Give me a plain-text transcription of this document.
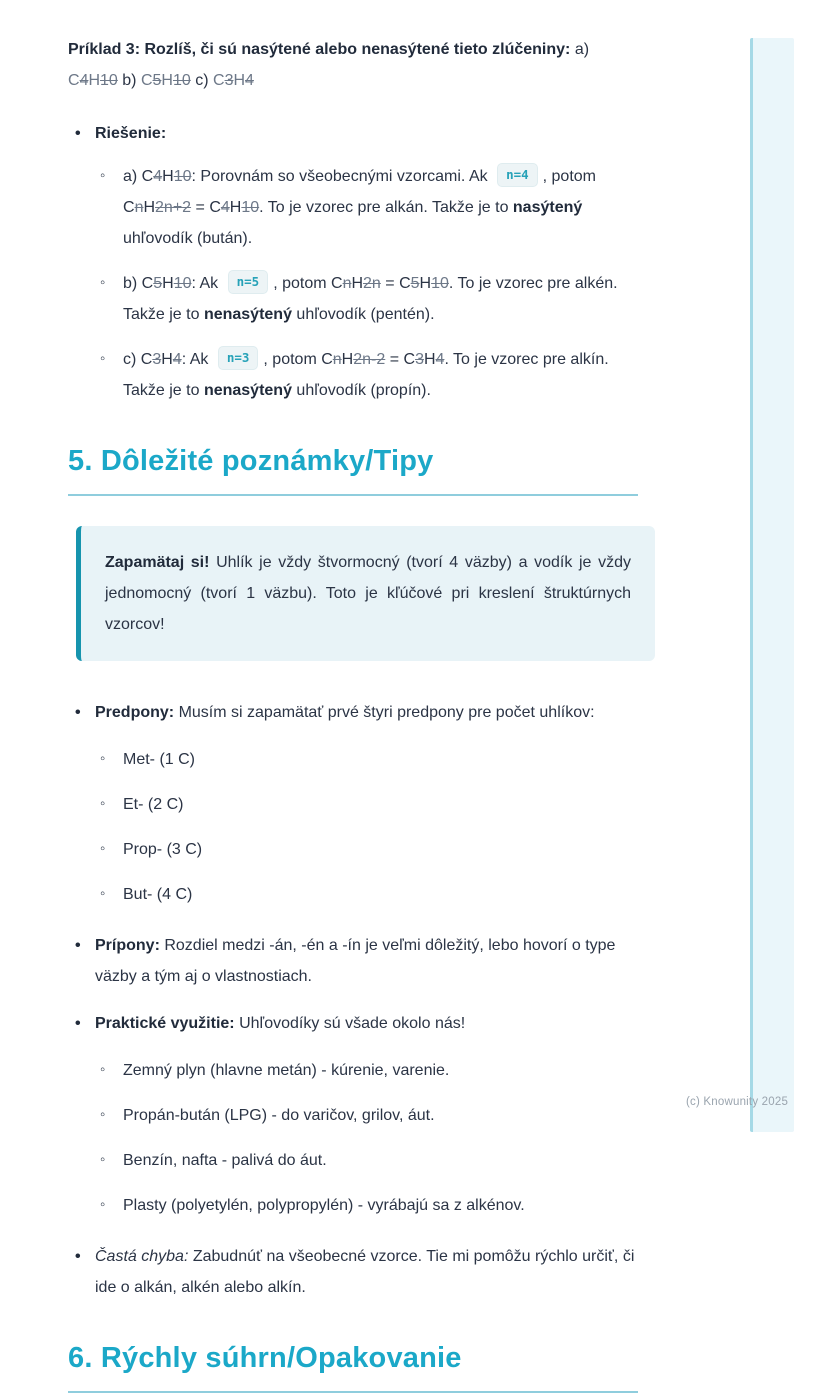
Príklad 3: Rozlíš, či sú nasýtené alebo nenasýtené tieto zlúčeniny: a) C4H10 b) C5H10 c) C3H4

• Riešenie:
◦ a) C4H10: Porovnám so všeobecnými vzorcami. Ak n=4 , potom CnH2n+2 = C4H10. To je vzorec pre alkán. Takže je to nasýtený uhľovodík (bután).
◦ b) C5H10: Ak n=5 , potom CnH2n = C5H10. To je vzorec pre alkén. Takže je to nenasýtený uhľovodík (pentén).
◦ c) C3H4: Ak n=3 , potom CnH2n-2 = C3H4. To je vzorec pre alkín. Takže je to nenasýtený uhľovodík (propín).
5. Dôležité poznámky/Tipy

Zapamätaj si! Uhlík je vždy štvormocný (tvorí 4 väzby) a vodík je vždy jednomocný (tvorí 1 väzbu). Toto je kľúčové pri kreslení štruktúrnych vzorcov!

• Predpony: Musím si zapamätať prvé štyri predpony pre počet uhlíkov:
◦ Met- (1 C)
◦ Et- (2 C)
◦ Prop- (3 C)
◦ But- (4 C)
• Prípony: Rozdiel medzi -án, -én a -ín je veľmi dôležitý, lebo hovorí o type väzby a tým aj o vlastnostiach.
• Praktické využitie: Uhľovodíky sú všade okolo nás!
◦ Zemný plyn (hlavne metán) - kúrenie, varenie.
◦ Propán-bután (LPG) - do varičov, grilov, áut.
◦ Benzín, nafta - palivá do áut.
◦ Plasty (polyetylén, polypropylén) - vyrábajú sa z alkénov.
• Častá chyba: Zabudnúť na všeobecné vzorce. Tie mi pomôžu rýchlo určiť, či ide o alkán, alkén alebo alkín.
6. Rýchly súhrn/Opakovanie
(c) Knowunity 2025
